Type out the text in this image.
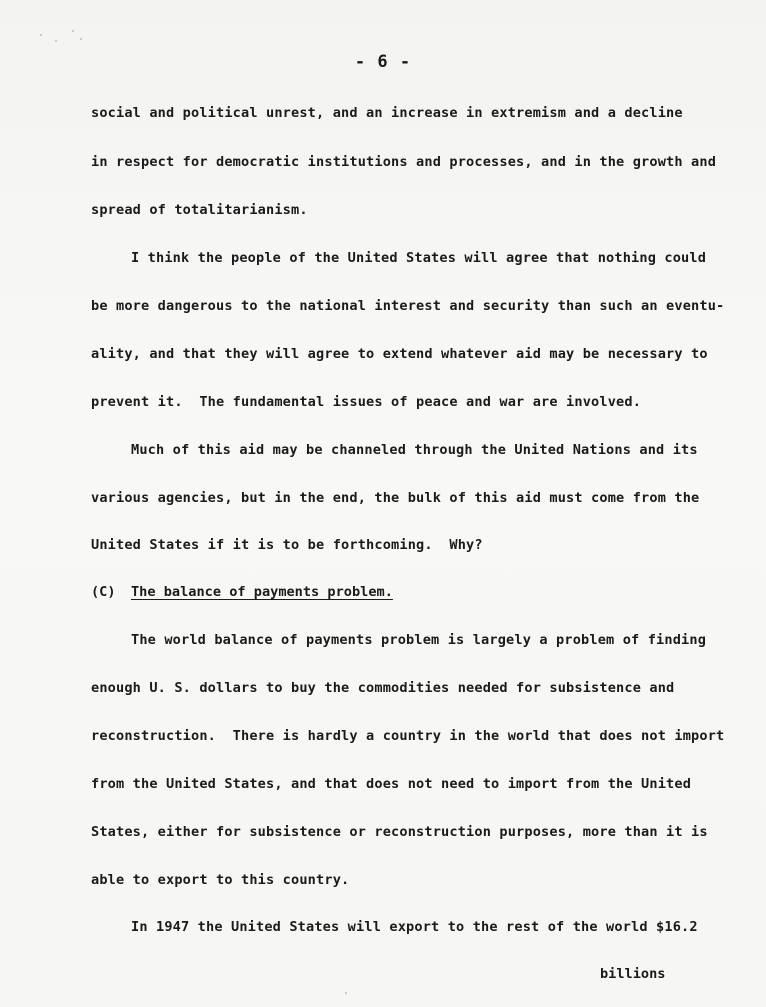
- 6 -
social and political unrest, and an increase in extremism and a decline
in respect for democratic institutions and processes, and in the growth and
spread of totalitarianism.
I think the people of the United States will agree that nothing could
be more dangerous to the national interest and security than such an eventu-
ality, and that they will agree to extend whatever aid may be necessary to
prevent it.  The fundamental issues of peace and war are involved.
Much of this aid may be channeled through the United Nations and its
various agencies, but in the end, the bulk of this aid must come from the
United States if it is to be forthcoming.  Why?
(C) The balance of payments problem.
The world balance of payments problem is largely a problem of finding
enough U. S. dollars to buy the commodities needed for subsistence and
reconstruction.  There is hardly a country in the world that does not import
from the United States, and that does not need to import from the United
States, either for subsistence or reconstruction purposes, more than it is
able to export to this country.
In 1947 the United States will export to the rest of the world $16.2
billions
